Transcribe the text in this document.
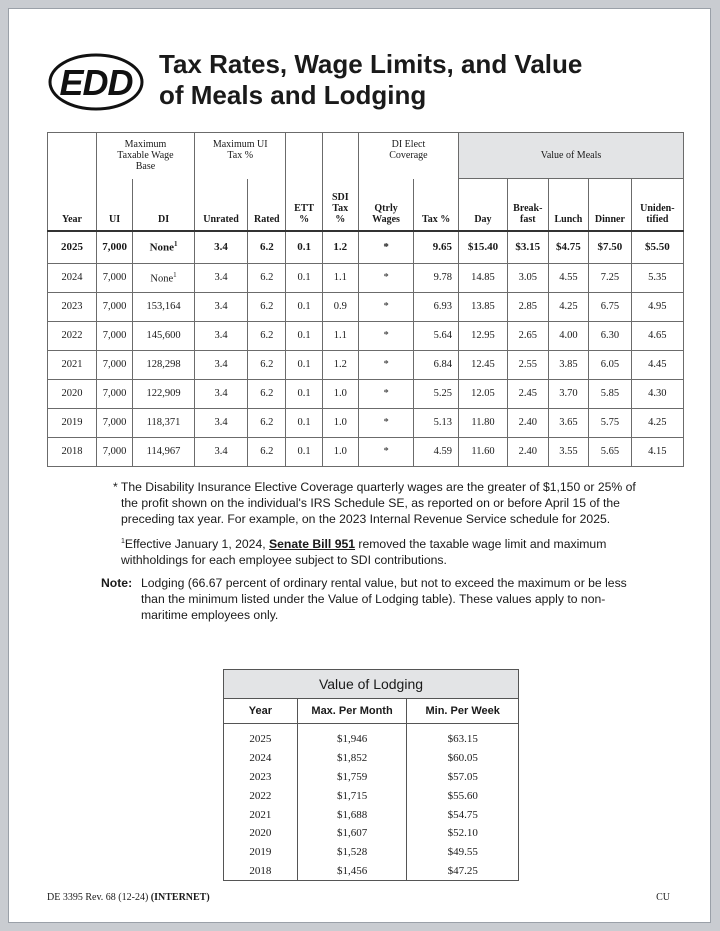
EDD Tax Rates, Wage Limits, and Value
of Meals and Lodging
	Maximum Taxable Wage Base		Maximum UI Tax %				DI Elect Coverage		Value of Meals				
Year	UI	DI	Unrated	Rated	ETT %	SDI Tax %	Qtrly Wages	Tax %	Day	Break-fast	Lunch	Dinner	Uniden-tified
2025	7,000	None$^1$	3.4	6.2	0.1	1.2	*	9.65	$15.40	$3.15	$4.75	$7.50	$5.50
2024	7,000	None$^1$	3.4	6.2	0.1	1.1	*	9.78	14.85	3.05	4.55	7.25	5.35
2023	7,000	153,164	3.4	6.2	0.1	0.9	*	6.93	13.85	2.85	4.25	6.75	4.95
2022	7,000	145,600	3.4	6.2	0.1	1.1	*	5.64	12.95	2.65	4.00	6.30	4.65
2021	7,000	128,298	3.4	6.2	0.1	1.2	*	6.84	12.45	2.55	3.85	6.05	4.45
2020	7,000	122,909	3.4	6.2	0.1	1.0	*	5.25	12.05	2.45	3.70	5.85	4.30
2019	7,000	118,371	3.4	6.2	0.1	1.0	*	5.13	11.80	2.40	3.65	5.75	4.25
2018	7,000	114,967	3.4	6.2	0.1	1.0	*	4.59	11.60	2.40	3.55	5.65	4.15

* The Disability Insurance Elective Coverage quarterly wages are the greater of $1,150 or 25% of the profit shown on the individual's IRS Schedule SE, as reported on or before April 15 of the preceding tax year. For example, on the 2023 Internal Revenue Service schedule for 2025.

$^1$Effective January 1, 2024, Senate Bill 951 removed the taxable wage limit and maximum withholdings for each employee subject to SDI contributions.

Note: Lodging (66.67 percent of ordinary rental value, but not to exceed the maximum or be less than the minimum listed under the Value of Lodging table). These values apply to non-maritime employees only.
Value of Lodging		
Year	Max. Per Month	Min. Per Week
2025	$1,946	$63.15
2024	$1,852	$60.05
2023	$1,759	$57.05
2022	$1,715	$55.60
2021	$1,688	$54.75
2020	$1,607	$52.10
2019	$1,528	$49.55
2018	$1,456	$47.25
DE 3395 Rev. 68 (12-24) (INTERNET)	CU
